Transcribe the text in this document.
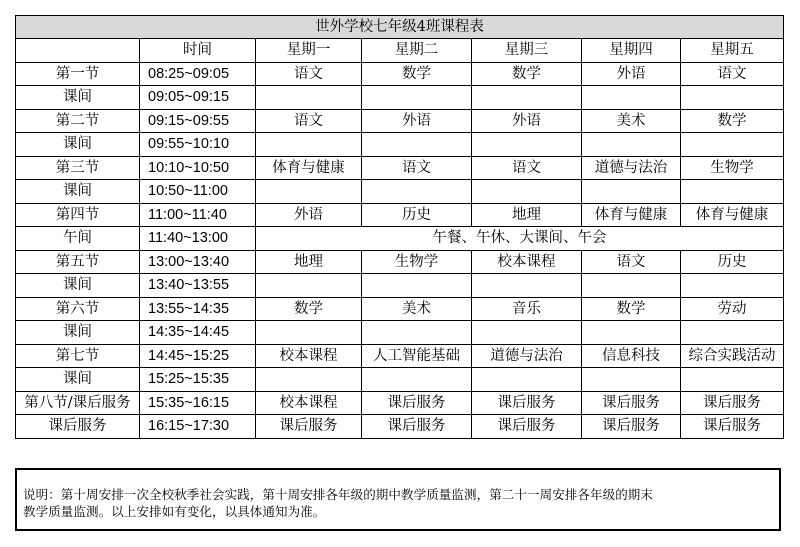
世外学校七年级4班课程表						
	时间	星期一	星期二	星期三	星期四	星期五
第一节	08:25~09:05	语文	数学	数学	外语	语文
课间	09:05~09:15					
第二节	09:15~09:55	语文	外语	外语	美术	数学
课间	09:55~10:10					
第三节	10:10~10:50	体育与健康	语文	语文	道德与法治	生物学
课间	10:50~11:00					
第四节	11:00~11:40	外语	历史	地理	体育与健康	体育与健康
午间	11:40~13:00	午餐、午休、大课间、午会				
第五节	13:00~13:40	地理	生物学	校本课程	语文	历史
课间	13:40~13:55					
第六节	13:55~14:35	数学	美术	音乐	数学	劳动
课间	14:35~14:45					
第七节	14:45~15:25	校本课程	人工智能基础	道德与法治	信息科技	综合实践活动
课间	15:25~15:35					
第八节/课后服务	15:35~16:15	校本课程	课后服务	课后服务	课后服务	课后服务
课后服务	16:15~17:30	课后服务	课后服务	课后服务	课后服务	课后服务
说明：第十周安排一次全校秋季社会实践，第十周安排各年级的期中教学质量监测，第二十一周安排各年级的期末
教学质量监测。以上安排如有变化，以具体通知为准。
